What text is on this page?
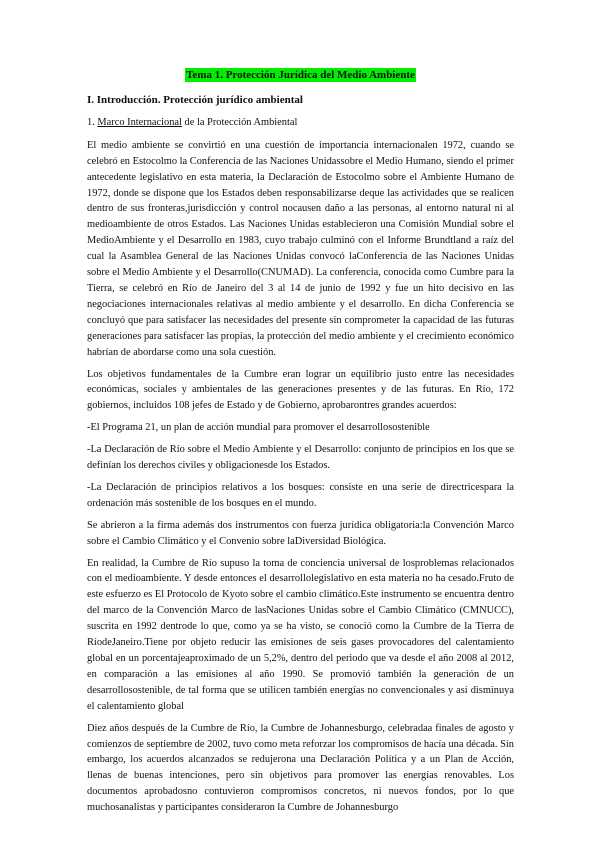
Tema 1. Protección Jurídica del Medio Ambiente
I. Introducción. Protección jurídico ambiental
1. Marco Internacional de la Protección Ambiental

El medio ambiente se convirtió en una cuestión de importancia internacionalen 1972, cuando se celebró en Estocolmo la Conferencia de las Naciones Unidassobre el Medio Humano, siendo el primer antecedente legislativo en esta materia, la Declaración de Estocolmo sobre el Ambiente Humano de 1972, donde se dispone que los Estados deben responsabilizarse deque las actividades que se realicen dentro de sus fronteras,jurisdicción y control nocausen daño a las personas, al entorno natural ni al medioambiente de otros Estados. Las Naciones Unidas establecieron una Comisión Mundial sobre el MedioAmbiente y el Desarrollo en 1983, cuyo trabajo culminó con el Informe Brundtland a raíz del cual la Asamblea General de las Naciones Unidas convocó laConferencia de las Naciones Unidas sobre el Medio Ambiente y el Desarrollo(CNUMAD). La conferencia, conocida como Cumbre para la Tierra, se celebró en Río de Janeiro del 3 al 14 de junio de 1992 y fue un hito decisivo en las negociaciones internacionales relativas al medio ambiente y el desarrollo. En dicha Conferencia se concluyó que para satisfacer las necesidades del presente sin comprometer la capacidad de las futuras generaciones para satisfacer las propias, la protección del medio ambiente y el crecimiento económico habrían de abordarse como una sola cuestión.

Los objetivos fundamentales de la Cumbre eran lograr un equilibrio justo entre las necesidades económicas, sociales y ambientales de las generaciones presentes y de las futuras. En Río, 172 gobiernos, incluidos 108 jefes de Estado y de Gobierno, aprobarontres grandes acuerdos:

-El Programa 21, un plan de acción mundial para promover el desarrollosostenible

-La Declaración de Río sobre el Medio Ambiente y el Desarrollo: conjunto de principios en los que se definían los derechos civiles y obligacionesde los Estados.

-La Declaración de principios relativos a los bosques: consiste en una serie de directricespara la ordenación más sostenible de los bosques en el mundo.

Se abrieron a la firma además dos instrumentos con fuerza jurídica obligatoria:la Convención Marco sobre el Cambio Climático y el Convenio sobre laDiversidad Biológica.

En realidad, la Cumbre de Río supuso la toma de conciencia universal de losproblemas relacionados con el medioambiente. Y desde entonces el desarrollolegislativo en esta materia no ha cesado.Fruto de este esfuerzo es El Protocolo de Kyoto sobre el cambio climático.Este instrumento se encuentra dentro del marco de la Convención Marco de lasNaciones Unidas sobre el Cambio Climático (CMNUCC), suscrita en 1992 dentrode lo que, como ya se ha visto, se conoció como la Cumbre de la Tierra de RíodeJaneiro.Tiene por objeto reducir las emisiones de seis gases provocadores del calentamiento global en un porcentajeaproximado de un 5,2%, dentro del periodo que va desde el año 2008 al 2012, en comparación a las emisiones al año 1990. Se promovió también la generación de un desarrollosostenible, de tal forma que se utilicen también energías no convencionales y así disminuya el calentamiento global

Diez años después de la Cumbre de Río, la Cumbre de Johannesburgo, celebradaa finales de agosto y comienzos de septiembre de 2002, tuvo como meta reforzar los compromisos de hacía una década. Sin embargo, los acuerdos alcanzados se redujeronа una Declaración Política y a un Plan de Acción, llenas de buenas intenciones, pero sin objetivos para promover las energías renovables. Los documentos aprobadosno contuvieron compromisos concretos, ni nuevos fondos, por lo que muchosanalistas y participantes consideraron la Cumbre de Johannesburgo
